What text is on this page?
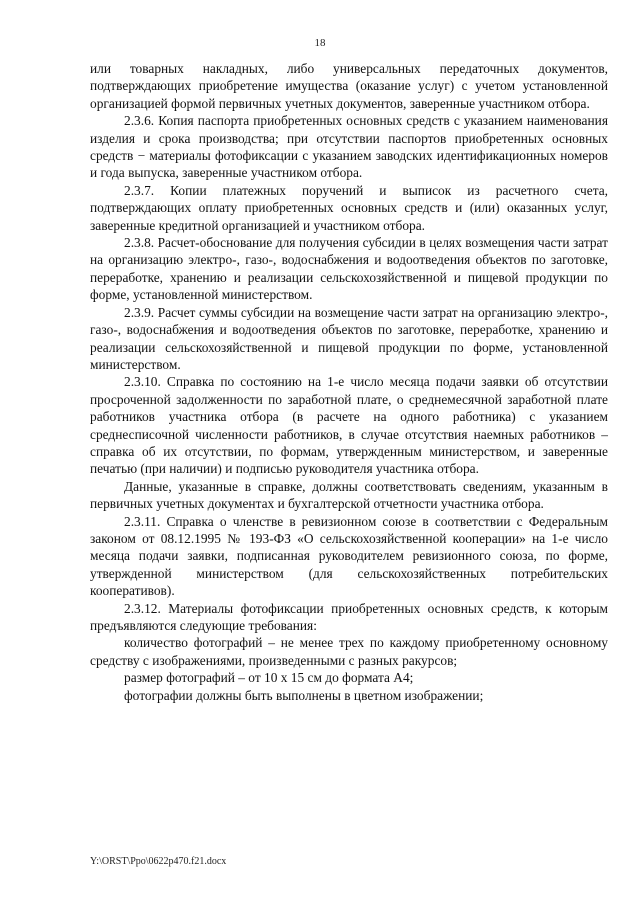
18

или товарных накладных, либо универсальных передаточных документов, подтверждающих приобретение имущества (оказание услуг) с учетом установленной организацией формой первичных учетных документов, заверенные участником отбора.

2.3.6. Копия паспорта приобретенных основных средств с указанием наименования изделия и срока производства; при отсутствии паспортов приобретенных основных средств − материалы фотофиксации с указанием заводских идентификационных номеров и года выпуска, заверенные участником отбора.

2.3.7. Копии платежных поручений и выписок из расчетного счета, подтверждающих оплату приобретенных основных средств и (или) оказанных услуг, заверенные кредитной организацией и участником отбора.

2.3.8. Расчет-обоснование для получения субсидии в целях возмещения части затрат на организацию электро-, газо-, водоснабжения и водоотведения объектов по заготовке, переработке, хранению и реализации сельскохозяйственной и пищевой продукции по форме, установленной министерством.

2.3.9. Расчет суммы субсидии на возмещение части затрат на организацию электро-, газо-, водоснабжения и водоотведения объектов по заготовке, переработке, хранению и реализации сельскохозяйственной и пищевой продукции по форме, установленной министерством.

2.3.10. Справка по состоянию на 1-е число месяца подачи заявки об отсутствии просроченной задолженности по заработной плате, о среднемесячной заработной плате работников участника отбора (в расчете на одного работника) с указанием среднесписочной численности работников, в случае отсутствия наемных работников – справка об их отсутствии, по формам, утвержденным министерством, и заверенные печатью (при наличии) и подписью руководителя участника отбора.

Данные, указанные в справке, должны соответствовать сведениям, указанным в первичных учетных документах и бухгалтерской отчетности участника отбора.

2.3.11. Справка о членстве в ревизионном союзе в соответствии с Федеральным законом от 08.12.1995 № 193-ФЗ «О сельскохозяйственной кооперации» на 1-е число месяца подачи заявки, подписанная руководителем ревизионного союза, по форме, утвержденной министерством (для сельскохозяйственных потребительских кооперативов).

2.3.12. Материалы фотофиксации приобретенных основных средств, к которым предъявляются следующие требования:

количество фотографий – не менее трех по каждому приобретенному основному средству с изображениями, произведенными с разных ракурсов;

размер фотографий – от 10 х 15 см до формата А4;

фотографии должны быть выполнены в цветном изображении;

Y:\ORST\Ppo\0622p470.f21.docx
